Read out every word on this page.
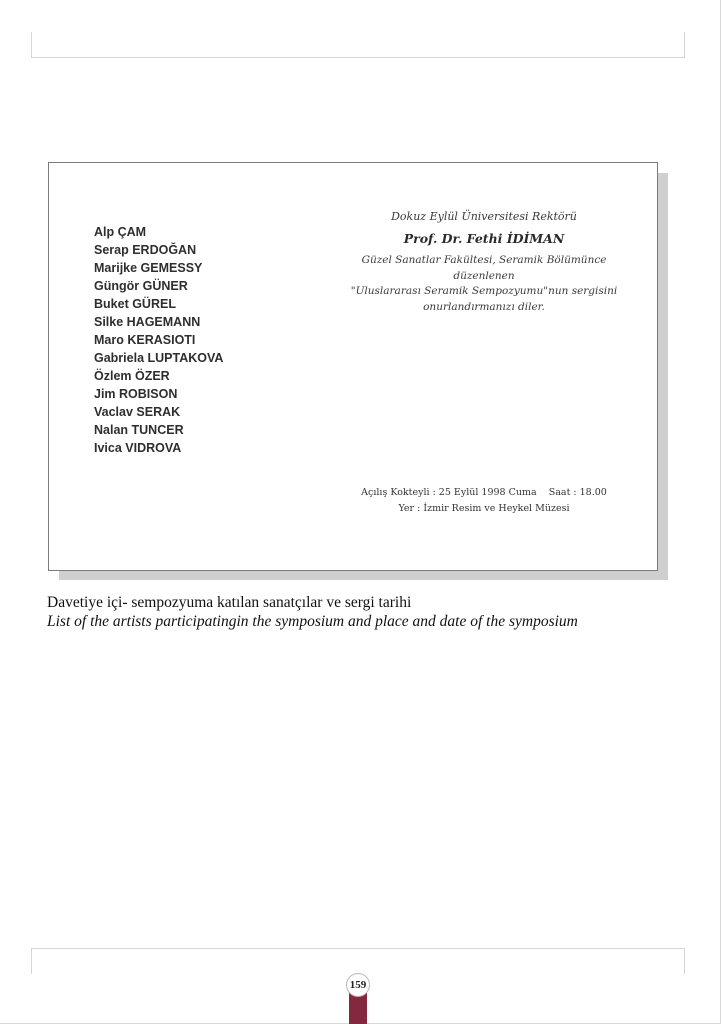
Alp ÇAM
Serap ERDOĞAN
Marijke GEMESSY
Güngör GÜNER
Buket GÜREL
Silke HAGEMANN
Maro KERASIOTI
Gabriela LUPTAKOVA
Özlem ÖZER
Jim ROBISON
Vaclav SERAK
Nalan TUNCER
Ivica VIDROVA
Dokuz Eylül Üniversitesi Rektörü
Prof. Dr. Fethi İDİMAN
Güzel Sanatlar Fakültesi, Seramik Bölümünce düzenlenen
"Uluslararası Seramik Sempozyumu"nun sergisini
onurlandırmanızı diler.
Açılış Kokteyli : 25 Eylül 1998 Cuma    Saat : 18.00
Yer : İzmir Resim ve Heykel Müzesi
Davetiye içi- sempozyuma katılan sanatçılar ve sergi tarihi
List of the artists participatingin the symposium and place and date of the symposium
159
